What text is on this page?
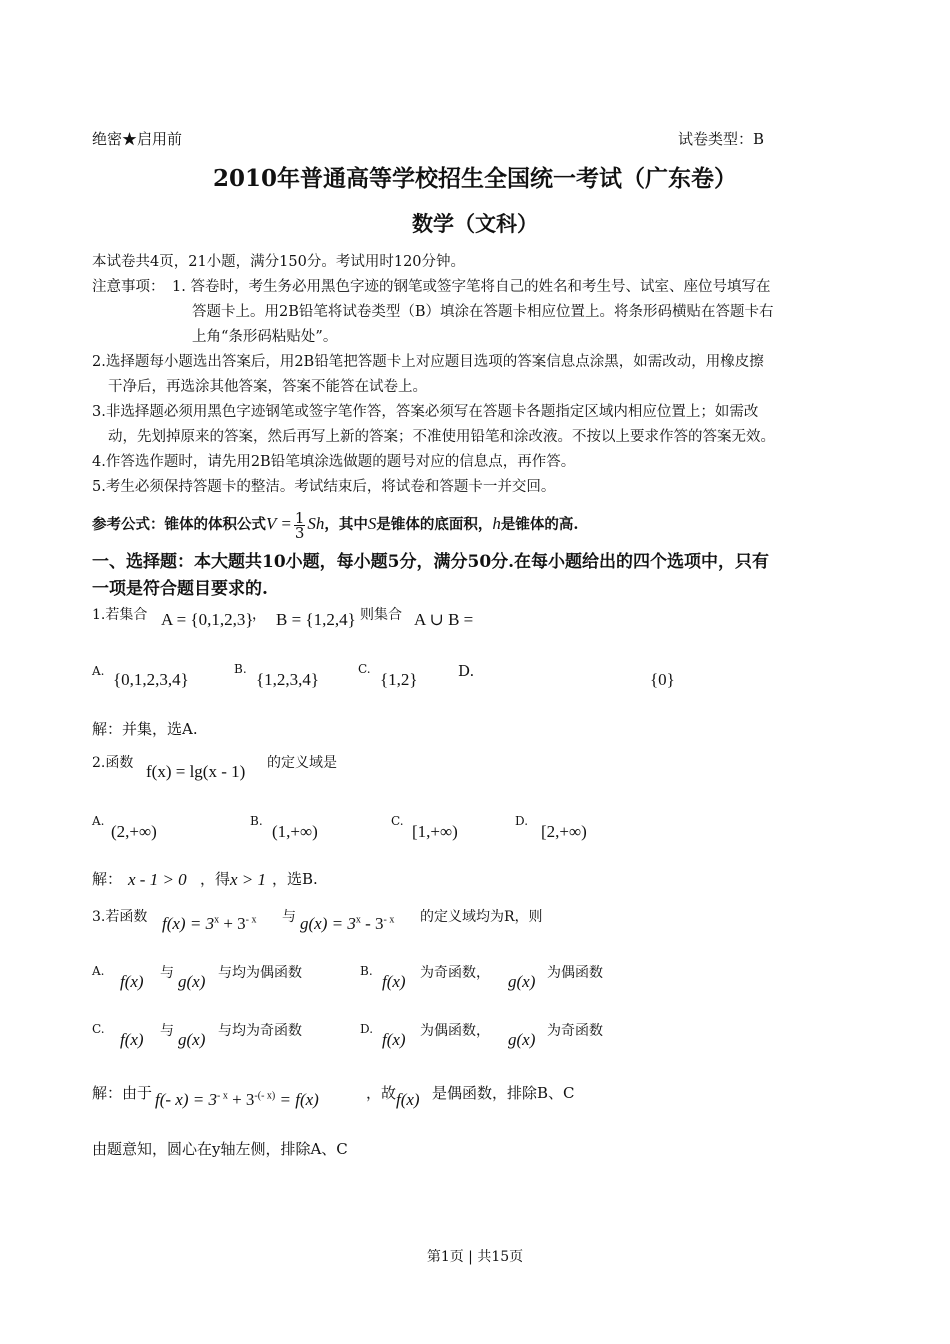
绝密★启用前	试卷类型：B
2010年普通高等学校招生全国统一考试（广东卷）
数学（文科）
本试卷共4页，21小题，满分150分。考试用时120分钟。
注意事项： 1. 答卷时，考生务必用黑色字迹的钢笔或签字笔将自己的姓名和考生号、试室、座位号填写在
答题卡上。用2B铅笔将试卷类型（B）填涂在答题卡相应位置上。将条形码横贴在答题卡右
上角“条形码粘贴处”。
2.选择题每小题选出答案后，用2B铅笔把答题卡上对应题目选项的答案信息点涂黑，如需改动，用橡皮擦
干净后，再选涂其他答案，答案不能答在试卷上。
3.非选择题必须用黑色字迹钢笔或签字笔作答，答案必须写在答题卡各题指定区域内相应位置上；如需改
动，先划掉原来的答案，然后再写上新的答案；不准使用铅笔和涂改液。不按以上要求作答的答案无效。
4.作答选作题时，请先用2B铅笔填涂选做题的题号对应的信息点，再作答。
5.考生必须保持答题卡的整洁。考试结束后，将试卷和答题卡一并交回。
参考公式：锥体的体积公式$V = \frac{1}{3}$ Sh，其中S是锥体的底面积，h是锥体的高.
一、选择题：本大题共10小题，每小题5分，满分50分.在每小题给出的四个选项中，只有
一项是符合题目要求的.
1.若集合 A = {0,1,2,3}
， B = {1,2,4} 则集合 A ∪ B =
A. {0,1,2,3,4}
B.
{1,2,3,4}
C.
{1,2}	D.	{0}
解：并集，选A.
2.函数 f(x) = lg(x - 1) 的定义域是
A.
(2,+∞)
B.
(1,+∞)
C.
[1,+∞)
D.
[2,+∞)
解： x - 1 > 0 ，得 x > 1 ，选B.
3.若函数 $f(x) = 3^x + 3^{- x}$ 与 $g(x) = 3^x - 3^{- x}$ 的定义域均为R，则
A.
f(x) 与 g(x) 与均为偶函数	B.
f(x) 为奇函数， g(x) 为偶函数
C.
f(x) 与 g(x) 与均为奇函数	D.
f(x) 为偶函数， g(x) 为奇函数
解：由于 f(- $x) = 3^{- x} + 3^{-(- x)} = f(x)$	，故 f(x) 是偶函数，排除B、C
由题意知，圆心在y轴左侧，排除A、C
第1页 | 共15页
